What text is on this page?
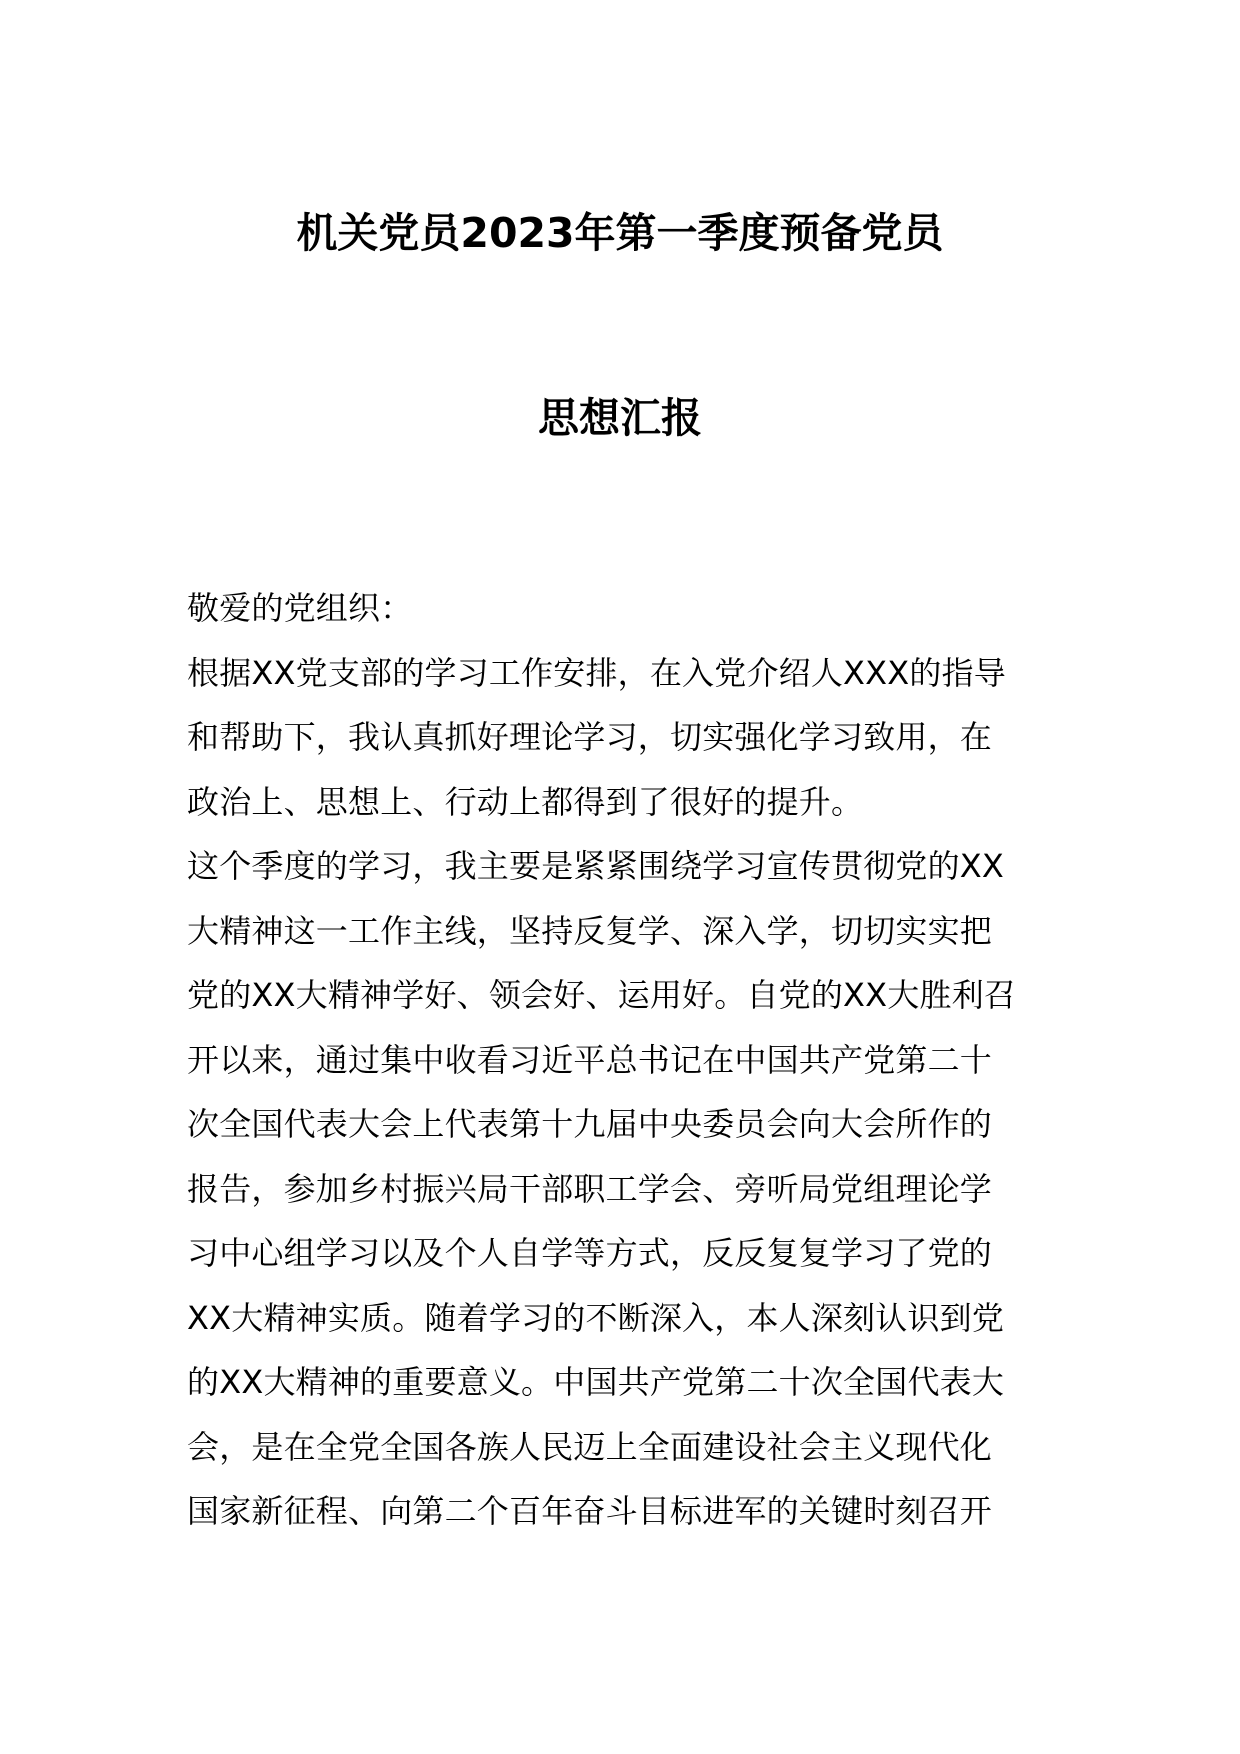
机关党员2023年第一季度预备党员
思想汇报
敬爱的党组织：
根据XX党支部的学习工作安排，在入党介绍人XXX的指导
和帮助下，我认真抓好理论学习，切实强化学习致用，在
政治上、思想上、行动上都得到了很好的提升。
这个季度的学习，我主要是紧紧围绕学习宣传贯彻党的XX
大精神这一工作主线，坚持反复学、深入学，切切实实把
党的XX大精神学好、领会好、运用好。自党的XX大胜利召
开以来，通过集中收看习近平总书记在中国共产党第二十
次全国代表大会上代表第十九届中央委员会向大会所作的
报告，参加乡村振兴局干部职工学会、旁听局党组理论学
习中心组学习以及个人自学等方式，反反复复学习了党的
XX大精神实质。随着学习的不断深入，本人深刻认识到党
的XX大精神的重要意义。中国共产党第二十次全国代表大
会，是在全党全国各族人民迈上全面建设社会主义现代化
国家新征程、向第二个百年奋斗目标进军的关键时刻召开
